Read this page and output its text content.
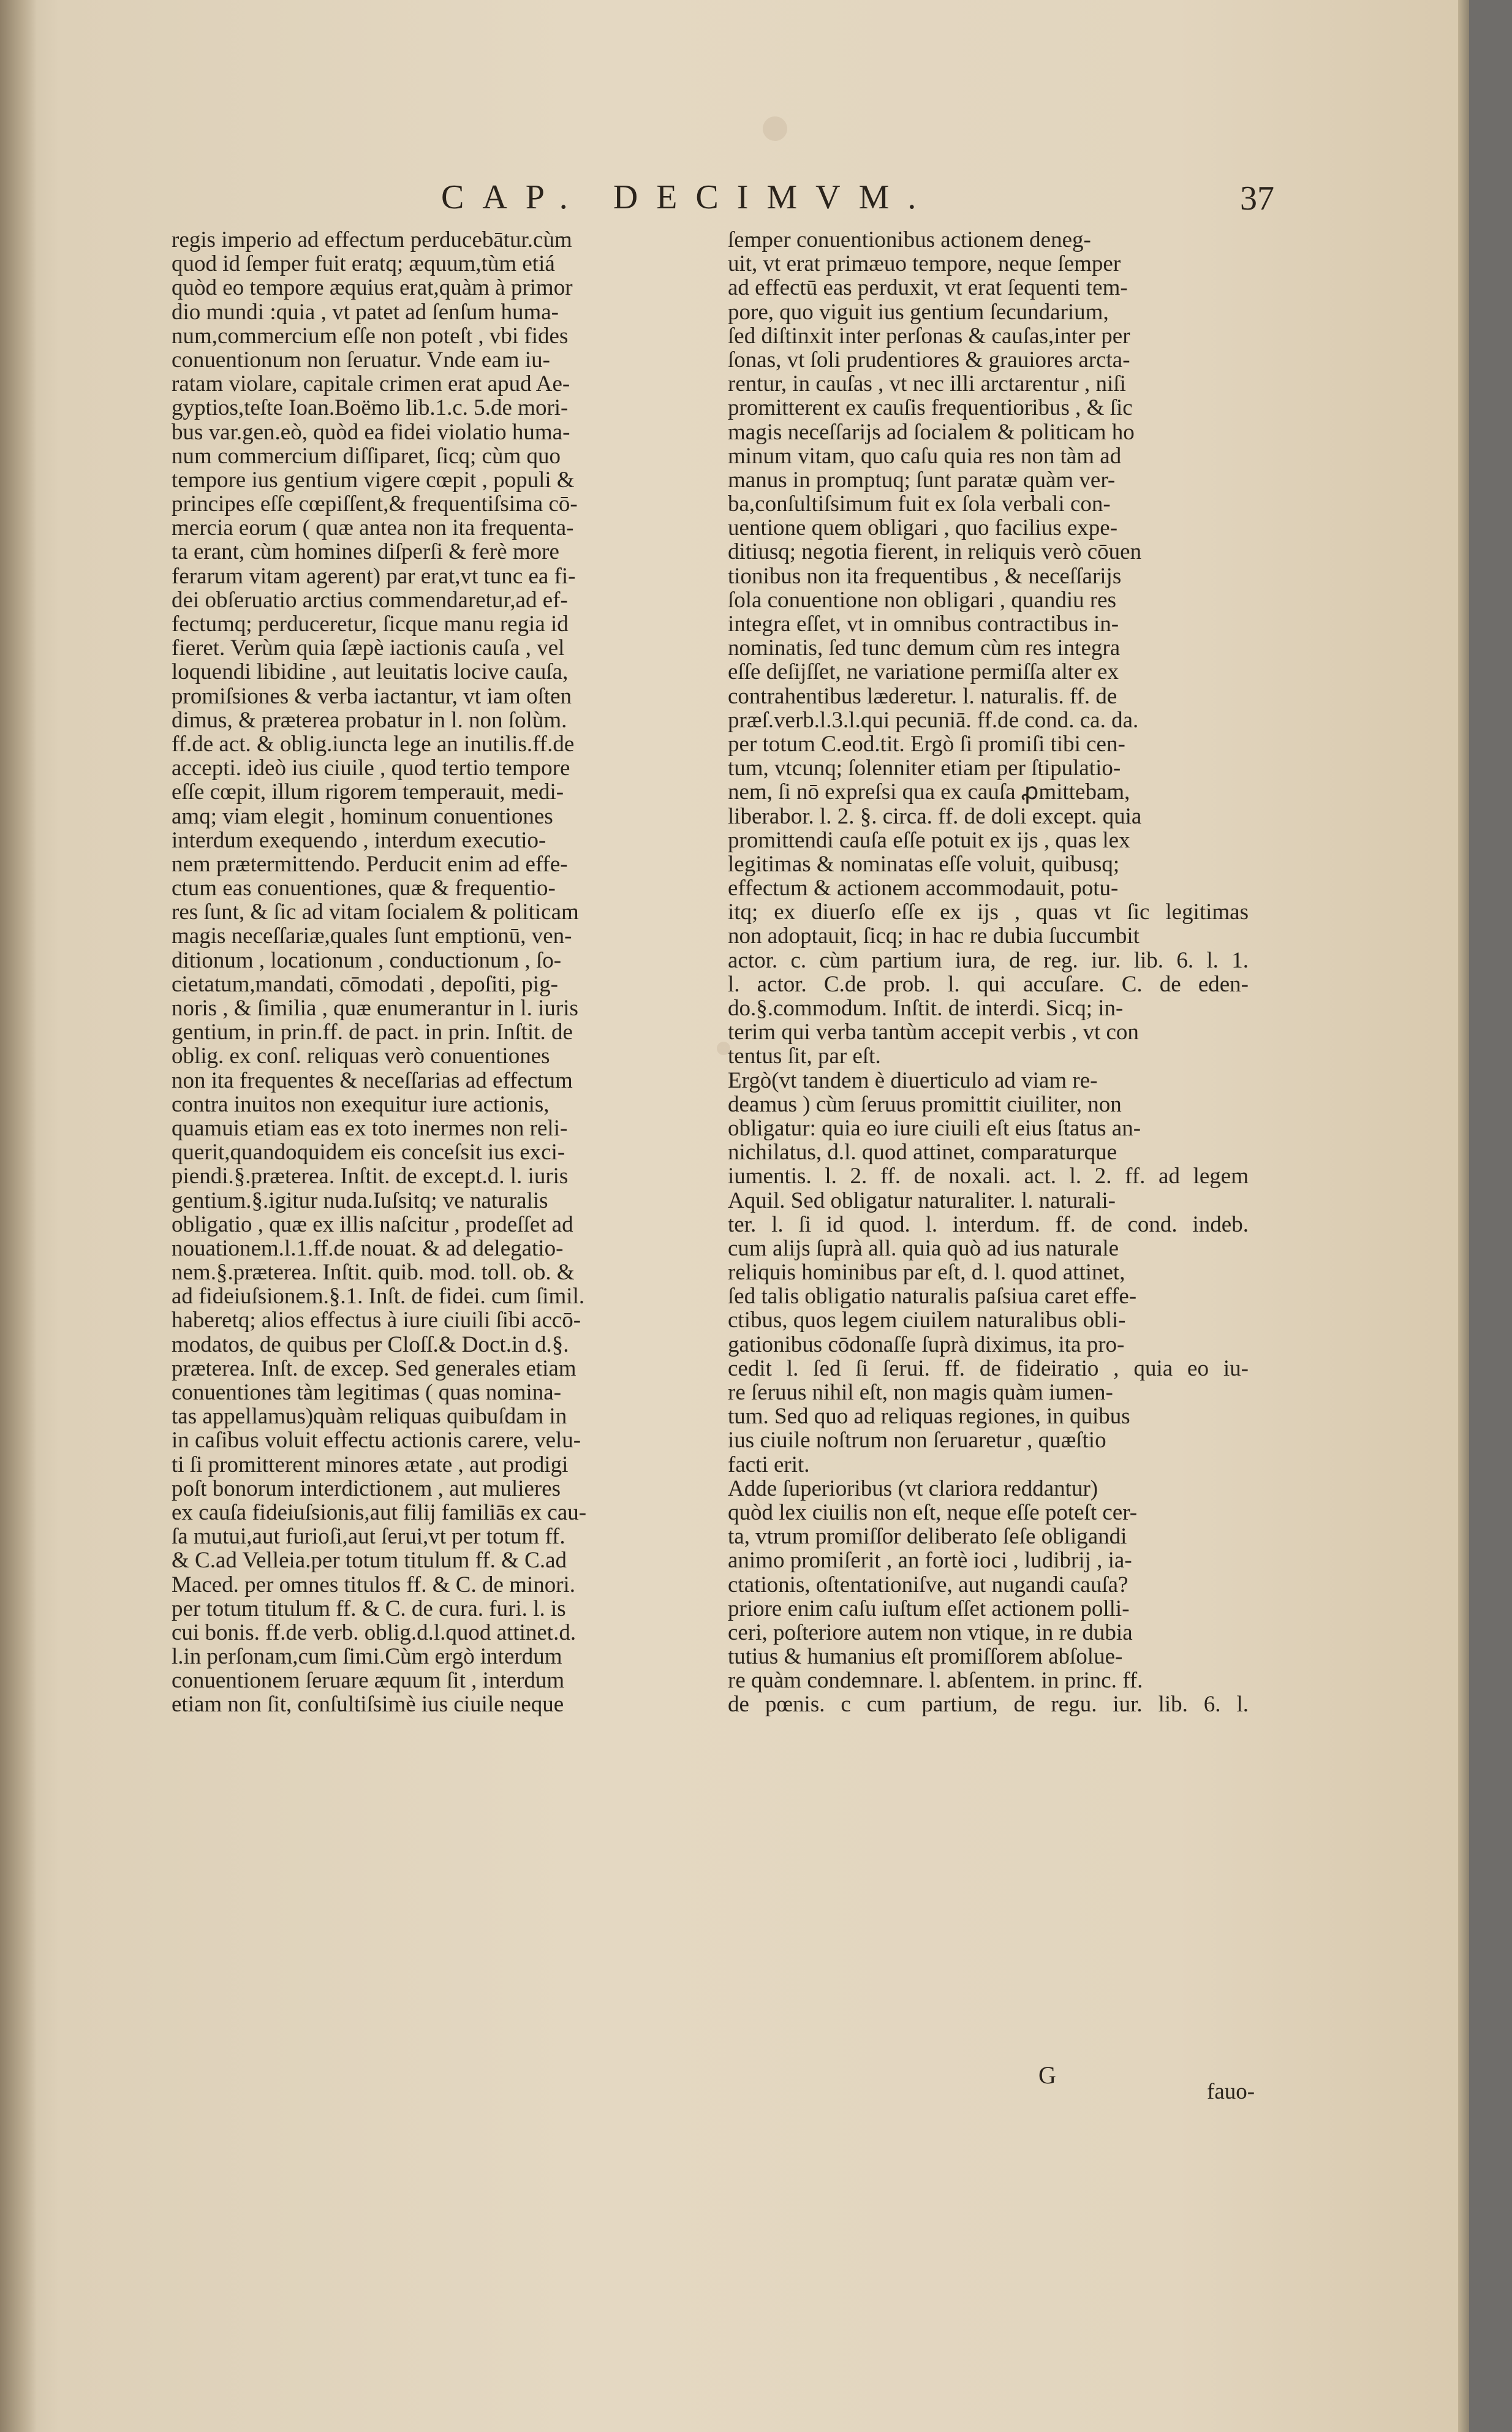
CAP. DECIMVM.	37
regis imperio ad effectum perducebātur.cùm
quod id ſemper fuit eratq; æquum,tùm etiá
quòd eo tempore æquius erat,quàm à primor
dio mundi :quia , vt patet ad ſenſum huma-
num,commercium eſſe non poteſt , vbi fides
conuentionum non ſeruatur. Vnde eam iu-
ratam violare, capitale crimen erat apud Ae-
gyptios,teſte Ioan.Boëmo lib.1.c. 5.de mori-
bus var.gen.eò, quòd ea fidei violatio huma-
num commercium diſſiparet, ſicq; cùm quo
tempore ius gentium vigere cœpit , populi &
principes eſſe cœpiſſent,& frequentiſsima cō-
mercia eorum ( quæ antea non ita frequenta-
ta erant, cùm homines diſperſi & ferè more
ferarum vitam agerent) par erat,vt tunc ea fi-
dei obſeruatio arctius commendaretur,ad ef-
fectumq; perduceretur, ſicque manu regia id
fieret. Verùm quia ſæpè iactionis cauſa , vel
loquendi libidine , aut leuitatis locive cauſa,
promiſsiones & verba iactantur, vt iam oſten
dimus, & præterea probatur in l. non ſolùm.
ff.de act. & oblig.iuncta lege an inutilis.ff.de
accepti. ideò ius ciuile , quod tertio tempore
eſſe cœpit, illum rigorem temperauit, medi-
amq; viam elegit , hominum conuentiones
interdum exequendo , interdum executio-
nem prætermittendo. Perducit enim ad effe-
ctum eas conuentiones, quæ & frequentio-
res ſunt, & ſic ad vitam ſocialem & politicam
magis neceſſariæ,quales ſunt emptionū, ven-
ditionum , locationum , conductionum , ſo-
cietatum,mandati, cōmodati , depoſiti, pig-
noris , & ſimilia , quæ enumerantur in l. iuris
gentium, in prin.ff. de pact. in prin. Inſtit. de
oblig. ex conſ. reliquas verò conuentiones
non ita frequentes & neceſſarias ad effectum
contra inuitos non exequitur iure actionis,
quamuis etiam eas ex toto inermes non reli-
querit,quandoquidem eis conceſsit ius exci-
piendi.§.præterea. Inſtit. de except.d. l. iuris
gentium.§.igitur nuda.Iuſsitq; ve naturalis
obligatio , quæ ex illis naſcitur , prodeſſet ad
nouationem.l.1.ff.de nouat. & ad delegatio-
nem.§.præterea. Inſtit. quib. mod. toll. ob. &
ad fideiuſsionem.§.1. Inſt. de fidei. cum ſimil.
haberetq; alios effectus à iure ciuili ſibi accō-
modatos, de quibus per Cloſſ.& Doct.in d.§.
præterea. Inſt. de excep. Sed generales etiam
conuentiones tàm legitimas ( quas nomina-
tas appellamus)quàm reliquas quibuſdam in
in caſibus voluit effectu actionis carere, velu-
ti ſi promitterent minores ætate , aut prodigi
poſt bonorum interdictionem , aut mulieres
ex cauſa fideiuſsionis,aut filij familiās ex cau-
ſa mutui,aut furioſi,aut ſerui,vt per totum ff.
& C.ad Velleia.per totum titulum ff. & C.ad
Maced. per omnes titulos ff. & C. de minori.
per totum titulum ff. & C. de cura. furi. l. is
cui bonis. ff.de verb. oblig.d.l.quod attinet.d.
l.in perſonam,cum ſimi.Cùm ergò interdum
conuentionem ſeruare æquum ſit , interdum
etiam non ſit, conſultiſsimè ius ciuile neque
ſemper conuentionibus actionem deneg-
uit, vt erat primæuo tempore, neque ſemper
ad effectū eas perduxit, vt erat ſequenti tem-
pore, quo viguit ius gentium ſecundarium,
ſed diſtinxit inter perſonas & cauſas,inter per
ſonas, vt ſoli prudentiores & grauiores arcta-
rentur, in cauſas , vt nec illi arctarentur , niſi
promitterent ex cauſis frequentioribus , & ſic
magis neceſſarijs ad ſocialem & politicam ho
minum vitam, quo caſu quia res non tàm ad
manus in promptuq; ſunt paratæ quàm ver-
ba,conſultiſsimum fuit ex ſola verbali con-
uentione quem obligari , quo facilius expe-
ditiusq; negotia fierent, in reliquis verò cōuen
tionibus non ita frequentibus , & neceſſarijs
ſola conuentione non obligari , quandiu res
integra eſſet, vt in omnibus contractibus in-
nominatis, ſed tunc demum cùm res integra
eſſe deſijſſet, ne variatione permiſſa alter ex
contrahentibus læderetur. l. naturalis. ff. de
præſ.verb.l.3.l.qui pecuniā. ff.de cond. ca. da.
per totum C.eod.tit. Ergò ſi promiſi tibi cen-
tum, vtcunq; ſolenniter etiam per ſtipulatio-
nem, ſi nō expreſsi qua ex cauſa ꝓmittebam,
liberabor. l. 2. §. circa. ff. de doli except. quia
promittendi cauſa eſſe potuit ex ijs , quas lex
legitimas & nominatas eſſe voluit, quibusq;
effectum & actionem accommodauit, potu-
itq; ex diuerſo eſſe ex ijs , quas vt ſic legitimas
non adoptauit, ſicq; in hac re dubia ſuccumbit
actor. c. cùm partium iura, de reg. iur. lib. 6. l. 1.
l. actor. C.de prob. l. qui accuſare. C. de eden-
do.§.commodum. Inſtit. de interdi. Sicq; in-
terim qui verba tantùm accepit verbis , vt con
tentus ſit, par eſt.
Ergò(vt tandem è diuerticulo ad viam re-
deamus ) cùm ſeruus promittit ciuiliter, non
obligatur: quia eo iure ciuili eſt eius ſtatus an-
nichilatus, d.l. quod attinet, comparaturque
iumentis. l. 2. ff. de noxali. act. l. 2. ff. ad legem
Aquil. Sed obligatur naturaliter. l. naturali-
ter. l. ſi id quod. l. interdum. ff. de cond. indeb.
cum alijs ſuprà all. quia quò ad ius naturale
reliquis hominibus par eſt, d. l. quod attinet,
ſed talis obligatio naturalis paſsiua caret effe-
ctibus, quos legem ciuilem naturalibus obli-
gationibus cōdonaſſe ſuprà diximus, ita pro-
cedit l. ſed ſi ſerui. ff. de fideiratio , quia eo iu-
re ſeruus nihil eſt, non magis quàm iumen-
tum. Sed quo ad reliquas regiones, in quibus
ius ciuile noſtrum non ſeruaretur , quæſtio
facti erit.
Adde ſuperioribus (vt clariora reddantur)
quòd lex ciuilis non eſt, neque eſſe poteſt cer-
ta, vtrum promiſſor deliberato ſeſe obligandi
animo promiſerit , an fortè ioci , ludibrij , ia-
ctationis, oſtentationiſve, aut nugandi cauſa?
priore enim caſu iuſtum eſſet actionem polli-
ceri, poſteriore autem non vtique, in re dubia
tutius & humanius eſt promiſſorem abſolue-
re quàm condemnare. l. abſentem. in princ. ff.
de pœnis. c cum partium, de regu. iur. lib. 6. l.
G
fauo-
